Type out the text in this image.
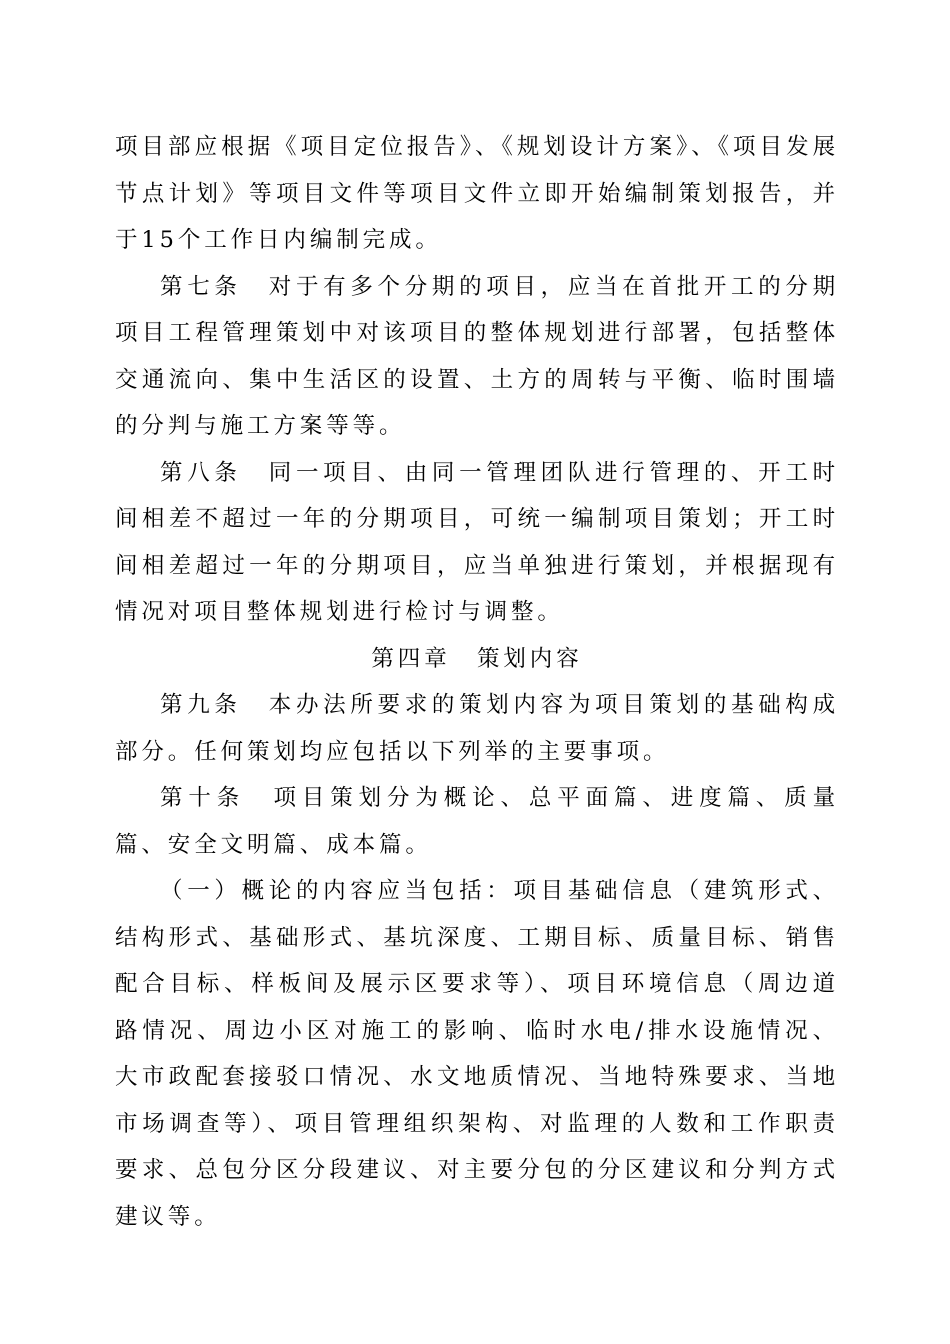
项目部应根据《项目定位报告》、《规划设计方案》、《项目发展节点计划》等项目文件等项目文件立即开始编制策划报告，并于15个工作日内编制完成。

第七条　对于有多个分期的项目，应当在首批开工的分期项目工程管理策划中对该项目的整体规划进行部署，包括整体交通流向、集中生活区的设置、土方的周转与平衡、临时围墙的分判与施工方案等等。

第八条　同一项目、由同一管理团队进行管理的、开工时间相差不超过一年的分期项目，可统一编制项目策划；开工时间相差超过一年的分期项目，应当单独进行策划，并根据现有情况对项目整体规划进行检讨与调整。

第四章　策划内容

第九条　本办法所要求的策划内容为项目策划的基础构成部分。任何策划均应包括以下列举的主要事项。

第十条　项目策划分为概论、总平面篇、进度篇、质量篇、安全文明篇、成本篇。

（一）概论的内容应当包括：项目基础信息（建筑形式、结构形式、基础形式、基坑深度、工期目标、质量目标、销售配合目标、样板间及展示区要求等）、项目环境信息（周边道路情况、周边小区对施工的影响、临时水电/排水设施情况、大市政配套接驳口情况、水文地质情况、当地特殊要求、当地市场调查等）、项目管理组织架构、对监理的人数和工作职责要求、总包分区分段建议、对主要分包的分区建议和分判方式建议等。
